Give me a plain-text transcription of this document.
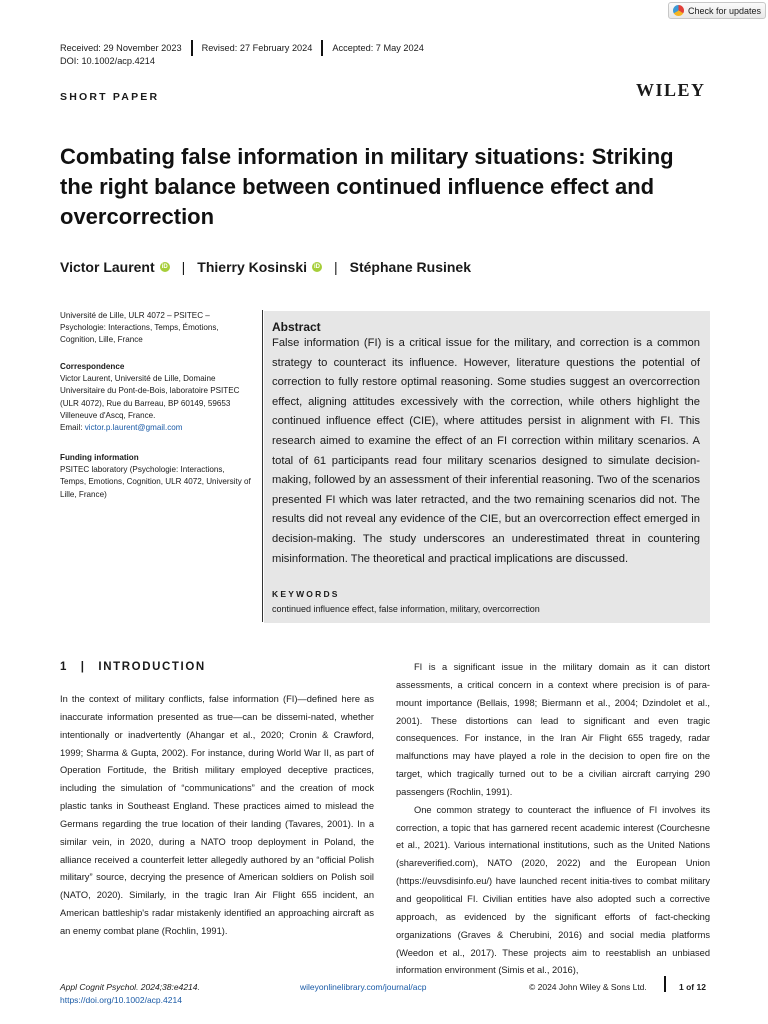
Check for updates
Received: 29 November 2023 Revised: 27 February 2024 Accepted: 7 May 2024
DOI: 10.1002/acp.4214
SHORT PAPER	WILEY
Combating false information in military situations: Striking the right balance between continued influence effect and overcorrection
Victor Laurent	iD | Thierry Kosinski	iD | Stéphane Rusinek
Université de Lille, ULR 4072 – PSITEC – Psychologie: Interactions, Temps, Émotions, Cognition, Lille, France
Correspondence
Victor Laurent, Université de Lille, Domaine Universitaire du Pont-de-Bois, laboratoire PSITEC (ULR 4072), Rue du Barreau, BP 60149, 59653 Villeneuve d'Ascq, France.
Email: victor.p.laurent@gmail.com
Funding information
PSITEC laboratory (Psychologie: Interactions, Temps, Emotions, Cognition, ULR 4072, University of Lille, France)
Abstract
False information (FI) is a critical issue for the military, and correction is a common strategy to counteract its influence. However, literature questions the potential of correction to fully restore optimal reasoning. Some studies suggest an overcorrection effect, aligning attitudes excessively with the correction, while others highlight the continued influence effect (CIE), where attitudes persist in alignment with FI. This research aimed to examine the effect of an FI correction within military scenarios. A total of 61 participants read four military scenarios designed to simulate decision-making, followed by an assessment of their inferential reasoning. Two of the scenarios presented FI which was later retracted, and the two remaining scenarios did not. The results did not reveal any evidence of the CIE, but an overcorrection effect emerged in decision-making. The study underscores an underestimated threat in countering misinformation. The theoretical and practical implications are discussed.
KEYWORDS
continued influence effect, false information, military, overcorrection
1 | INTRODUCTION

In the context of military conflicts, false information (FI)—defined here as inaccurate information presented as true—can be dissemi-nated, whether intentionally or inadvertently (Ahangar et al., 2020; Cronin & Crawford, 1999; Sharma & Gupta, 2002). For instance, during World War II, as part of Operation Fortitude, the British military employed deceptive practices, including the simulation of “communications” and the creation of mock plastic tanks in Southeast England. These practices aimed to mislead the Germans regarding the true location of their landing (Tavares, 2001). In a similar vein, in 2020, during a NATO troop deployment in Poland, the alliance received a counterfeit letter allegedly authored by an “official Polish military” source, decrying the presence of American soldiers on Polish soil (NATO, 2020). Similarly, in the tragic Iran Air Flight 655 incident, an American battleship's radar mistakenly identified an approaching aircraft as an enemy combat plane (Rochlin, 1991).

FI is a significant issue in the military domain as it can distort assessments, a critical concern in a context where precision is of para-mount importance (Bellais, 1998; Biermann et al., 2004; Dzindolet et al., 2001). These distortions can lead to significant and even tragic consequences. For instance, in the Iran Air Flight 655 tragedy, radar malfunctions may have played a role in the decision to open fire on the target, which tragically turned out to be a civilian aircraft carrying 290 passengers (Rochlin, 1991).

One common strategy to counteract the influence of FI involves its correction, a topic that has garnered recent academic interest (Courchesne et al., 2021). Various international institutions, such as the United Nations (shareverified.com), NATO (2020, 2022) and the European Union (https://euvsdisinfo.eu/) have launched recent initia-tives to combat military and geopolitical FI. Civilian entities have also adopted such a corrective approach, as evidenced by the significant efforts of fact-checking organizations (Graves & Cherubini, 2016) and social media platforms (Weedon et al., 2017). These projects aim to reestablish an unbiased information environment (Simis et al., 2016),

Appl Cognit Psychol. 2024;38:e4214.
https://doi.org/10.1002/acp.4214
wileyonlinelibrary.com/journal/acp	© 2024 John Wiley & Sons Ltd.	1 of 12
